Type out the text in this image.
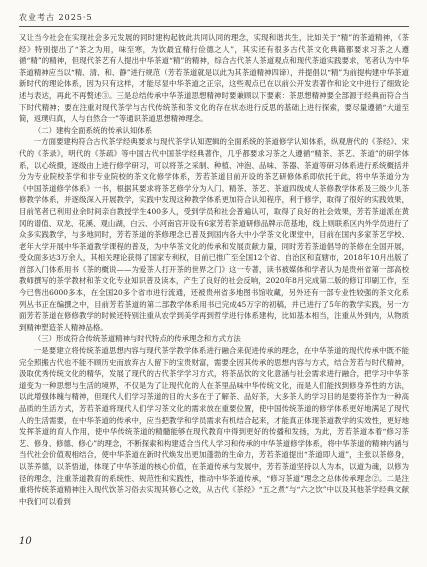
农业考古 2025·5

又让当今社会在实现社会多元发展的同时建构起彼此共同认同的理念，实现和谐共生，比如关于“精”的茶道精神，《茶经》特别提出了“茶之为用，味至寒，为饮最宜精行俭德之人”，其实还有很多古代茶文化典籍都要求习茶之人遵循“精”的精神，但现代茶艺有人提出中华茶道“精”的精神，综合古代茶人茶道观点和现代茶道实践要求，笔者认为中华茶道精神应当以“精、清、和、静”进行规范（芳若茶道就是以此为其茶道精神四谛），并提倡以“精”为前提构建中华茶道新时代的理论体系，因为只有这样，才能尽显中华茶道之正宗，这些观点已在以前公开发表著作和论文中进行了细致论述与表达，再此不再赘述③。三是总结传承中华茶道思想精神时要兼顾以下要素：茶思想精神要全部源于经典而符合当下时代精神；要在注重对现代茶学与古代传统茶和茶文化的存在状态进行反思的基础上进行探索，要尽量遵循“大道至简，返璞归真，人与自然合一”等通识茶道思想精神理念。

（二）建构全面系统的传承认知体系

一方面要建构符合古代茶学经典要求与现代茶学认知逻辑的全面系统的茶道修学认知体系，纵观唐代的《茶经》、宋代的《茶录》，明代的《茶疏》等中国古代中国茶学经典著作，几乎都要求习茶之人遵循“精茶、茶艺、茶道”的研学体系，以心统摄，逐级由上进行修学研习，可以将茶之采制、种植、冲泡、品味、茶器、茶道等研习体系进行系统概括并分为专业院校茶学和非专业院校的茶文化修学体系，芳若茶道目前开设的茶艺研修体系即依托于此，将中华茶道分为《中国茶道修学体系》一书，根据其要求将茶艺修学分为入门、精茶、茶艺、茶道四级成人茶修教学体系及三级少儿茶修教学体系，并逐级深入开展教学，实践中发现这种教学体系更加符合认知程序，利于修学，取得了很好的实践效果，目前笔者已利用业余时间亲自教授学生400多人，受到学员和社会普遍认可，取得了良好的社会效果，芳若茶道派在黄冈的谱值、双龙、花溪、观山湖，白云、小河南宫开设有6家芳若茶道研修品牌示范基地，线上则联系区内外学员进行了众多实践教学，与多地同时，芳若茶道的茶修理念已普及到国内各大中小学茶文化课堂中，目前在国内多家茶艺学校、老年大学开展中华茶道教学课程的普及，为中华茶文化的传承和发展贡献力量，同时芳若茶道倡导的茶修在全国开展，受众面多达3万余人，其相关理论获得了国家专利权，目前已推广至全国12个省、自治区和直辖市，2018年10月出版了首部入门体系用书《茶的概说——为爱茶人打开茶的世界之门》这一专著，读书被媒体和学者认为是贵州省第一部高校教师撰写的茶学教材和茶文化专业知识普及读本，产生了良好的社会反响，2020年8月完成第二版的修订印刷工作，至今已售出6000多本，在全国20多个省市进行流通，还被贵州省多地图书馆收藏，另外还有一部专业性较强的茶文化系列丛书正在编撰之中，目前芳若茶道的第二部教学体系用书已完成45万字的初稿，并已进行了5年的教学实践，另一方面芳若茶道在修修教学的时候还特别注重从农学到美学再到哲学进行体系建构，比如基本相当，注重从外到内，从物质到精神塑造茶人精神品格。

（三）形成符合传统茶道精神与时代特点的传承理念和方式方法

一是要建立将传统茶道思想内容与现代茶学教学体系进行融合来促进传承的理念，在中华茶道的现代传承中既不能完全照搬古代也不能不顾历史而放弃古人留下的宝贵财富，需要全因其传承的思想内容与方式，结合芳若与时代精神，汲取优秀传统文化的精华，发展了现代的古代茶学学习方式，将茶品饮的文化意涵与社会需求进行融合，把学习中华茶道变为一种思想与生活的境界，不仅是为了让现代化的人在茶里品味中华传统文化，而是人们能找到修身养性的方法，以此增强体魄与精神，但现代人们学习茶道的目的大多在于了解茶、品好茶，大多茶人的学习目的是要将茶作为一种高品质的生活方式，芳若茶道将现代人们学习茶文化的需求放在重要位置，使中国传统茶道的修学体系更好地满足了现代人的生活需要，在中华茶道的传承中，应当把教学和学员需求有机结合起来，才能真正体现茶道教学的实效性，更好地发挥茶道的育人作用，使中华传统茶道的精髓能够在现代教育中得到更好的传播和发扬，为此，芳若茶道本着“修习茶艺、修身、修德、修心”的理念，不断探索和构建适合当代人学习和传承的中华茶道修学体系，将中华茶道的精神内涵与当代社会价值观相结合，使中华茶道在新时代焕发出更加蓬勃的生命力，芳若茶道提出“茶道即人道”，主张以茶修身，以茶养德，以茶悟道，体现了中华茶道的核心价值，在茶道传承与发展中，芳若茶道坚持以人为本，以道为魂，以修为径的理念，注重茶道教育的系统性、规范性和实践性，推动中华茶道传承，“修习茶道”理念之总体传承理念②。二是注重将传统茶道精神注入现代饮茶习俗去实现其修心之效，从古代《茶经》“五之煮”与“六之饮”中以及其他茶学经典文献中我们可以看到

10
